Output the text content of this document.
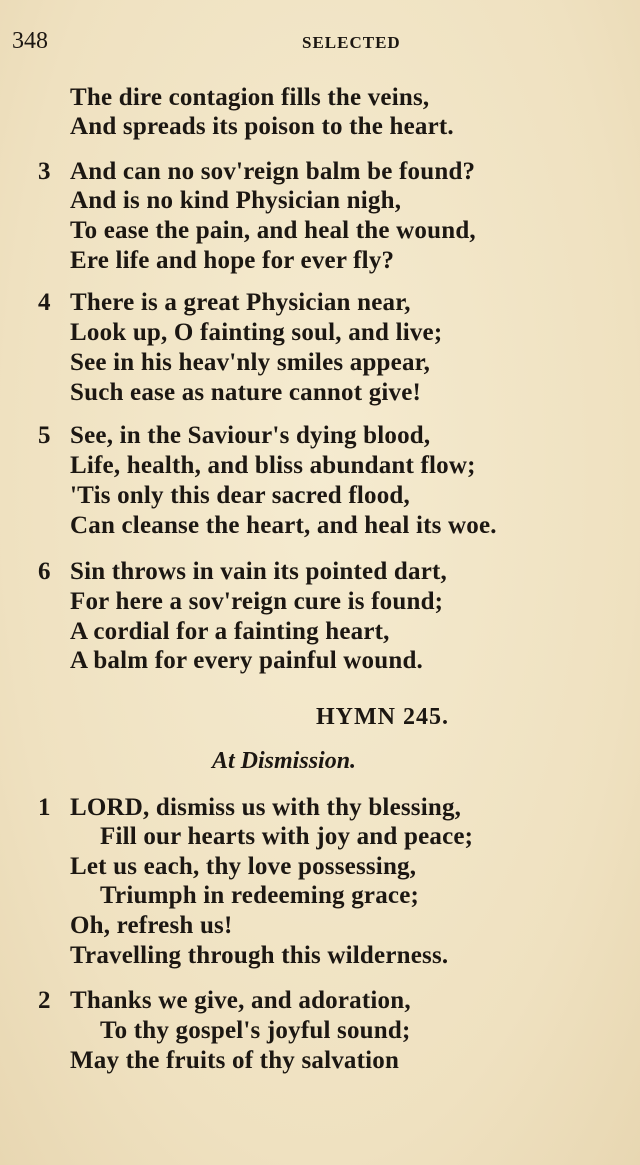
348	SELECTED
The dire contagion fills the veins,
And spreads its poison to the heart.
3 And can no sov'reign balm be found?
And is no kind Physician nigh,
To ease the pain, and heal the wound,
Ere life and hope for ever fly?
4 There is a great Physician near,
Look up, O fainting soul, and live;
See in his heav'nly smiles appear,
Such ease as nature cannot give!
5 See, in the Saviour's dying blood,
Life, health, and bliss abundant flow;
'Tis only this dear sacred flood,
Can cleanse the heart, and heal its woe.
6 Sin throws in vain its pointed dart,
For here a sov'reign cure is found;
A cordial for a fainting heart,
A balm for every painful wound.
HYMN 245.
At Dismission.
1 LORD, dismiss us with thy blessing,
Fill our hearts with joy and peace;
Let us each, thy love possessing,
Triumph in redeeming grace;
Oh, refresh us!
Travelling through this wilderness.
2 Thanks we give, and adoration,
To thy gospel's joyful sound;
May the fruits of thy salvation
